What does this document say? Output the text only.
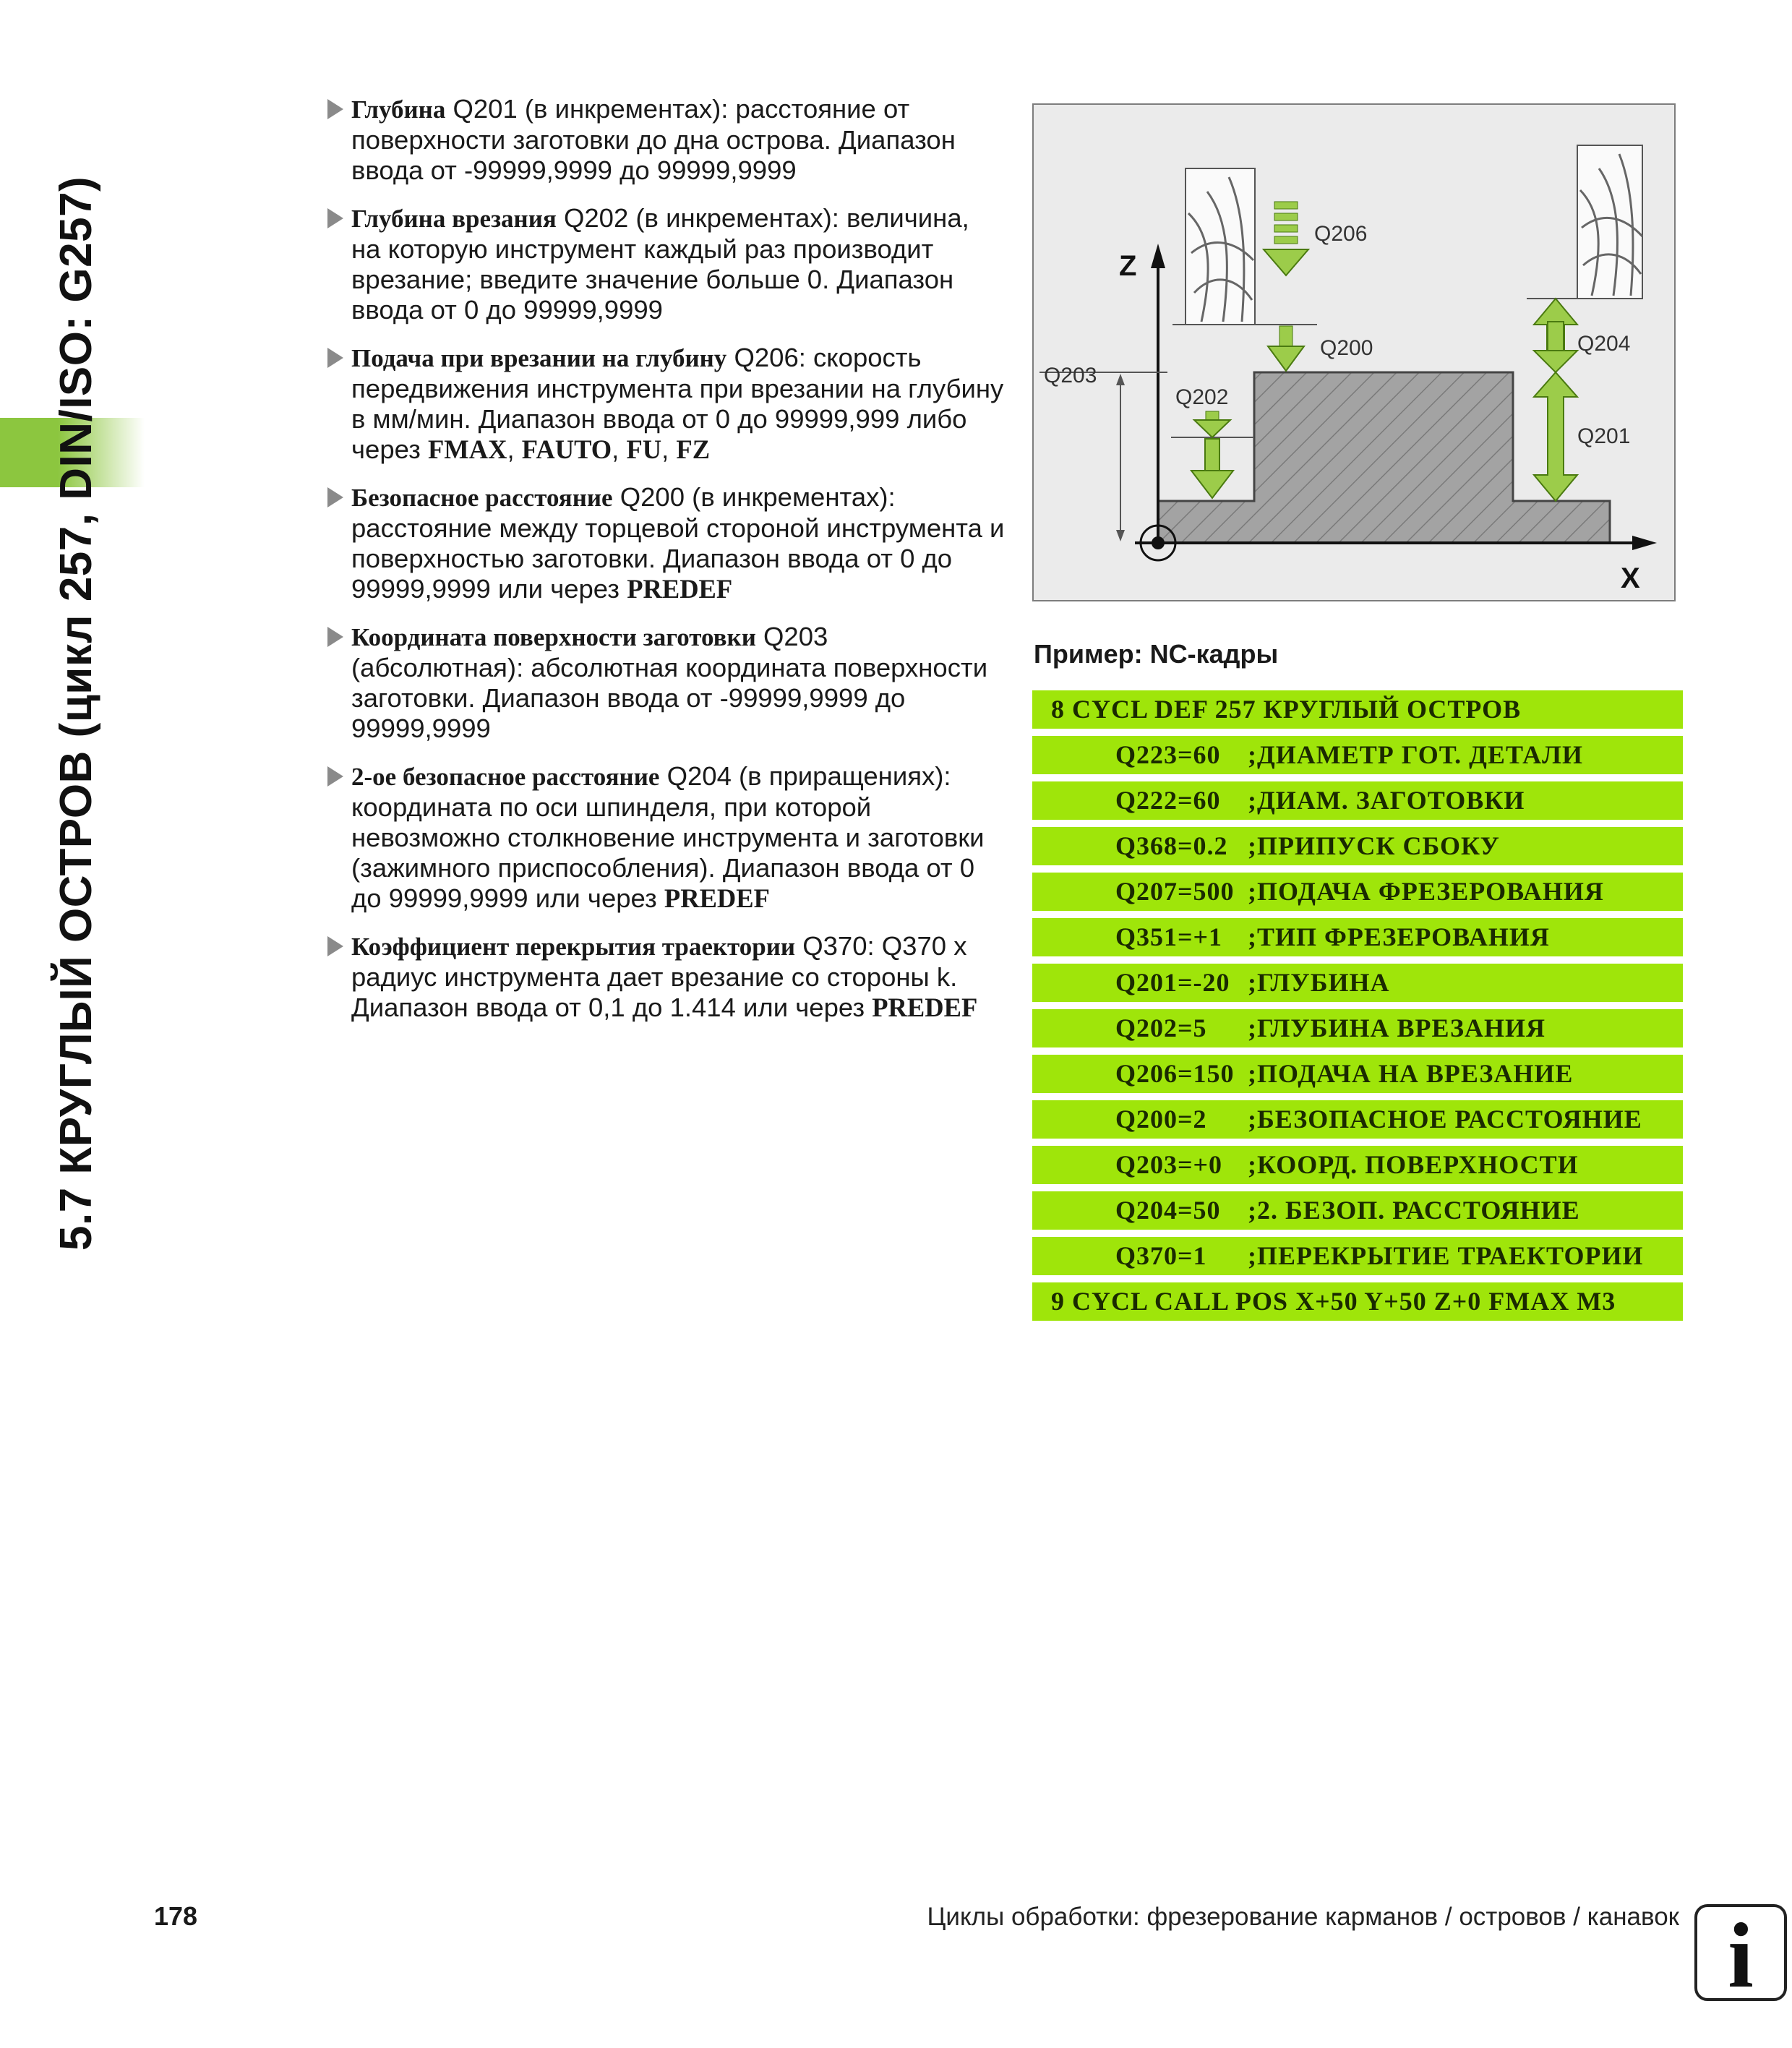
5.7 КРУГЛЫЙ ОСТРОВ (цикл 257, DIN/ISO: G257)
Глубина Q201 (в инкрементах): расстояние от поверхности заготовки до дна острова. Диапазон ввода от -99999,9999 до 99999,9999
Глубина врезания Q202 (в инкрементах): величина, на которую инструмент каждый раз производит врезание; введите значение больше 0. Диапазон ввода от 0 до 99999,9999
Подача при врезании на глубину Q206: скорость передвижения инструмента при врезании на глубину в мм/мин. Диапазон ввода от 0 до 99999,999 либо через FMAX, FAUTO, FU, FZ
Безопасное расстояние Q200 (в инкрементах): расстояние между торцевой стороной инструмента и поверхностью заготовки. Диапазон ввода от 0 до 99999,9999 или через PREDEF
Координата поверхности заготовки Q203 (абсолютная): абсолютная координата поверхности заготовки. Диапазон ввода от -99999,9999 до 99999,9999
2-ое безопасное расстояние Q204 (в приращениях): координата по оси шпинделя, при которой невозможно столкновение инструмента и заготовки (зажимного приспособления). Диапазон ввода от 0 до 99999,9999 или через PREDEF
Коэффициент перекрытия траектории Q370: Q370 x радиус инструмента дает врезание со стороны k. Диапазон ввода от 0,1 до 1.414 или через PREDEF
Z
X
Q206
Q200	Q204
Q201
Q203
Q202
Пример: NC-кадры
8 CYCL DEF 257 КРУГЛЫЙ ОСТРОВ
Q223=60 ;ДИАМЕТР ГОТ. ДЕТАЛИ
Q222=60 ;ДИАМ. ЗАГОТОВКИ
Q368=0.2 ;ПРИПУСК СБОКУ
Q207=500 ;ПОДАЧА ФРЕЗЕРОВАНИЯ
Q351=+1 ;ТИП ФРЕЗЕРОВАНИЯ
Q201=-20 ;ГЛУБИНА
Q202=5 ;ГЛУБИНА ВРЕЗАНИЯ
Q206=150 ;ПОДАЧА НА ВРЕЗАНИЕ
Q200=2 ;БЕЗОПАСНОЕ РАССТОЯНИЕ
Q203=+0 ;КООРД. ПОВЕРХНОСТИ
Q204=50 ;2. БЕЗОП. РАССТОЯНИЕ
Q370=1 ;ПЕРЕКРЫТИЕ ТРАЕКТОРИИ
9 CYCL CALL POS X+50 Y+50 Z+0 FMAX M3
178	Циклы обработки: фрезерование карманов / островов / канавок i
